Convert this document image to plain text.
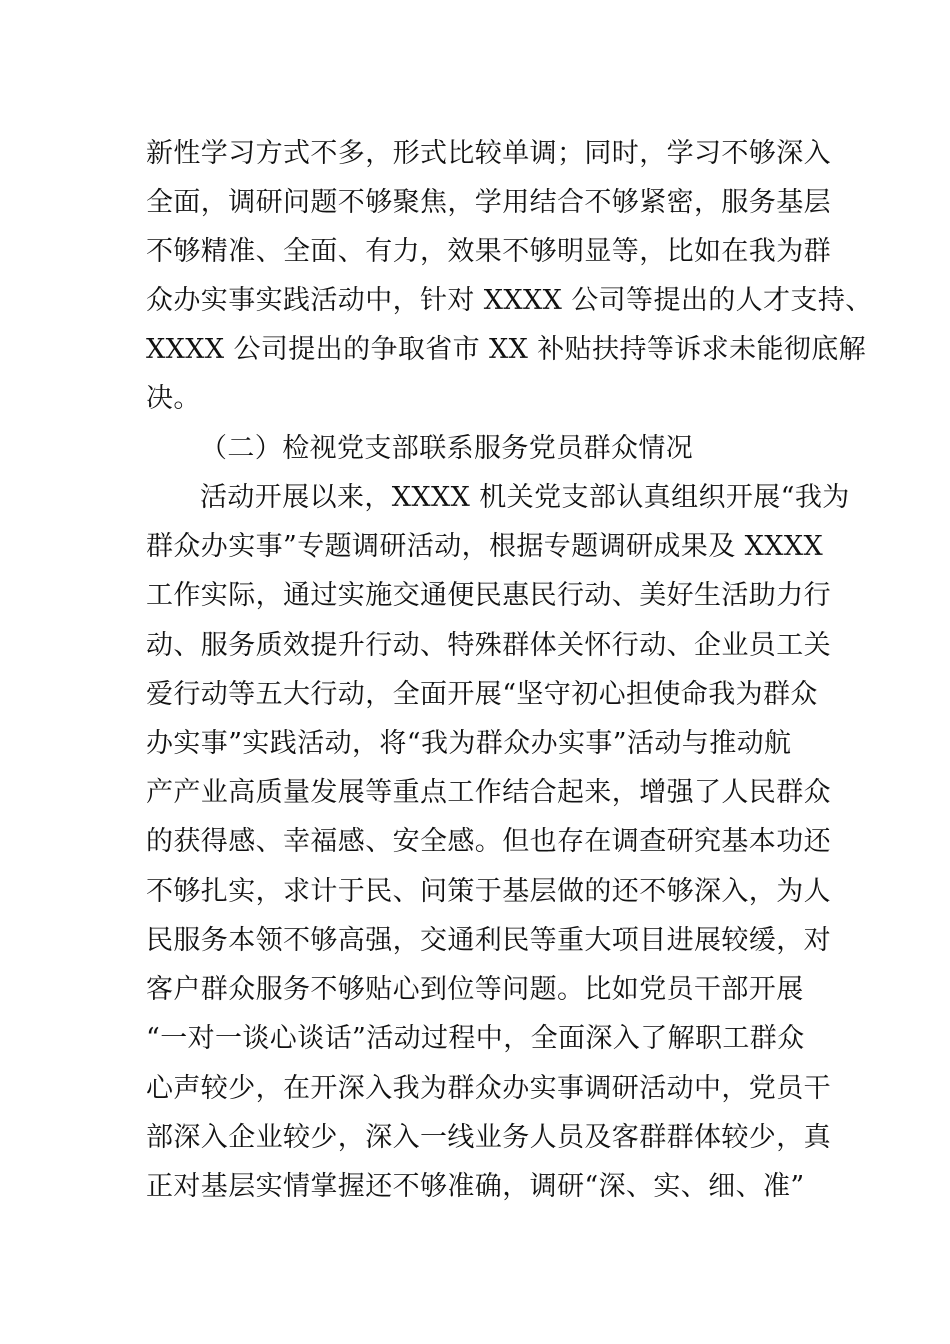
新性学习方式不多，形式比较单调；同时，学习不够深入
全面，调研问题不够聚焦，学用结合不够紧密，服务基层
不够精准、全面、有力，效果不够明显等，比如在我为群
众办实事实践活动中，针对 XXXX 公司等提出的人才支持、
XXXX 公司提出的争取省市 XX 补贴扶持等诉求未能彻底解
决。
（二）检视党支部联系服务党员群众情况
活动开展以来，XXXX 机关党支部认真组织开展“我为
群众办实事”专题调研活动，根据专题调研成果及 XXXX
工作实际，通过实施交通便民惠民行动、美好生活助力行
动、服务质效提升行动、特殊群体关怀行动、企业员工关
爱行动等五大行动，全面开展“坚守初心担使命我为群众
办实事”实践活动，将“我为群众办实事”活动与推动航
产产业高质量发展等重点工作结合起来，增强了人民群众
的获得感、幸福感、安全感。但也存在调查研究基本功还
不够扎实，求计于民、问策于基层做的还不够深入，为人
民服务本领不够高强，交通利民等重大项目进展较缓，对
客户群众服务不够贴心到位等问题。比如党员干部开展
“一对一谈心谈话”活动过程中，全面深入了解职工群众
心声较少，在开深入我为群众办实事调研活动中，党员干
部深入企业较少，深入一线业务人员及客群群体较少，真
正对基层实情掌握还不够准确，调研“深、实、细、准”
